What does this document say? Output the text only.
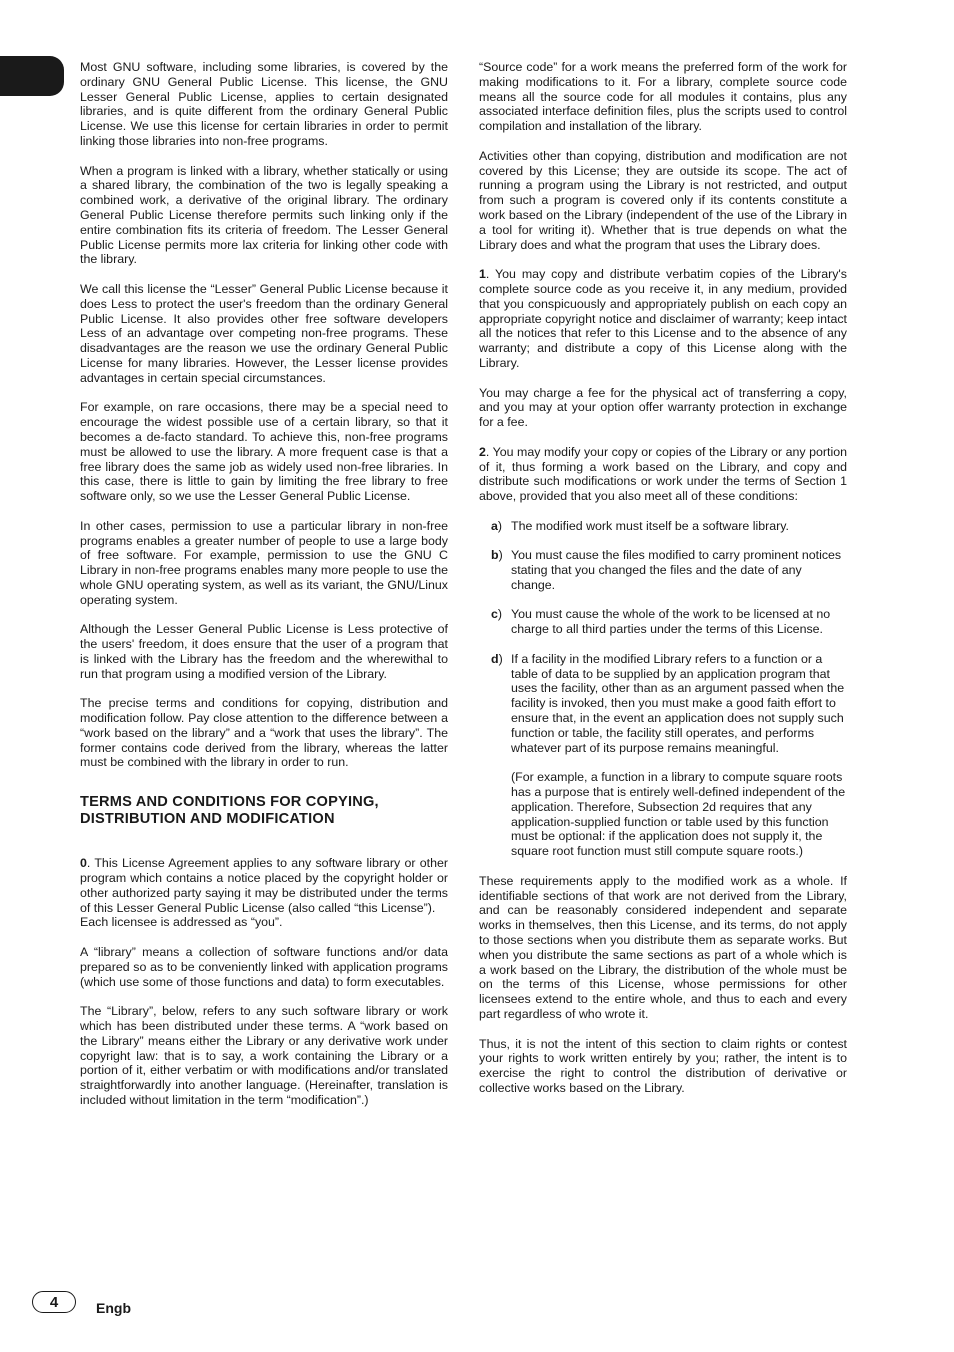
Most GNU software, including some libraries, is covered by the ordinary GNU General Public License. This license, the GNU Lesser General Public License, applies to certain designated libraries, and is quite different from the ordinary General Public License. We use this license for certain libraries in order to permit linking those libraries into non-free programs.

When a program is linked with a library, whether statically or using a shared library, the combination of the two is legally speaking a combined work, a derivative of the original library. The ordinary General Public License therefore permits such linking only if the entire combination fits its criteria of freedom. The Lesser General Public License permits more lax criteria for linking other code with the library.

We call this license the “Lesser” General Public License because it does Less to protect the user's freedom than the ordinary General Public License. It also provides other free software developers Less of an advantage over competing non-free programs. These disadvantages are the reason we use the ordinary General Public License for many libraries. However, the Lesser license provides advantages in certain special circumstances.

For example, on rare occasions, there may be a special need to encourage the widest possible use of a certain library, so that it becomes a de-facto standard. To achieve this, non-free programs must be allowed to use the library. A more frequent case is that a free library does the same job as widely used non-free libraries. In this case, there is little to gain by limiting the free library to free software only, so we use the Lesser General Public License.

In other cases, permission to use a particular library in non-free programs enables a greater number of people to use a large body of free software. For example, permission to use the GNU C Library in non-free programs enables many more people to use the whole GNU operating system, as well as its variant, the GNU/Linux operating system.

Although the Lesser General Public License is Less protective of the users' freedom, it does ensure that the user of a program that is linked with the Library has the freedom and the wherewithal to run that program using a modified version of the Library.

The precise terms and conditions for copying, distribution and modification follow. Pay close attention to the difference between a “work based on the library” and a “work that uses the library”. The former contains code derived from the library, whereas the latter must be combined with the library in order to run.

TERMS AND CONDITIONS FOR COPYING,
DISTRIBUTION AND MODIFICATION

0. This License Agreement applies to any software library or other program which contains a notice placed by the copyright holder or other authorized party saying it may be distributed under the terms of this Lesser General Public License (also called “this License”).

Each licensee is addressed as “you”.

A “library” means a collection of software functions and/or data prepared so as to be conveniently linked with application programs (which use some of those functions and data) to form executables.

The “Library”, below, refers to any such software library or work which has been distributed under these terms. A “work based on the Library” means either the Library or any derivative work under copyright law: that is to say, a work containing the Library or a portion of it, either verbatim or with modifications and/or translated straightforwardly into another language. (Hereinafter, translation is included without limitation in the term “modification”.)

“Source code” for a work means the preferred form of the work for making modifications to it. For a library, complete source code means all the source code for all modules it contains, plus any associated interface definition files, plus the scripts used to control compilation and installation of the library.

Activities other than copying, distribution and modification are not covered by this License; they are outside its scope. The act of running a program using the Library is not restricted, and output from such a program is covered only if its contents constitute a work based on the Library (independent of the use of the Library in a tool for writing it). Whether that is true depends on what the Library does and what the program that uses the Library does.

1. You may copy and distribute verbatim copies of the Library's complete source code as you receive it, in any medium, provided that you conspicuously and appropriately publish on each copy an appropriate copyright notice and disclaimer of warranty; keep intact all the notices that refer to this License and to the absence of any warranty; and distribute a copy of this License along with the Library.

You may charge a fee for the physical act of transferring a copy, and you may at your option offer warranty protection in exchange for a fee.

2. You may modify your copy or copies of the Library or any portion of it, thus forming a work based on the Library, and copy and distribute such modifications or work under the terms of Section 1 above, provided that you also meet all of these conditions:

a) The modified work must itself be a software library.
b) You must cause the files modified to carry prominent notices stating that you changed the files and the date of any change.
c) You must cause the whole of the work to be licensed at no charge to all third parties under the terms of this License.
d) If a facility in the modified Library refers to a function or a table of data to be supplied by an application program that uses the facility, other than as an argument passed when the facility is invoked, then you must make a good faith effort to ensure that, in the event an application does not supply such function or table, the facility still operates, and performs whatever part of its purpose remains meaningful.
(For example, a function in a library to compute square roots has a purpose that is entirely well-defined independent of the application. Therefore, Subsection 2d requires that any application-supplied function or table used by this function must be optional: if the application does not supply it, the square root function must still compute square roots.)

These requirements apply to the modified work as a whole. If identifiable sections of that work are not derived from the Library, and can be reasonably considered independent and separate works in themselves, then this License, and its terms, do not apply to those sections when you distribute them as separate works. But when you distribute the same sections as part of a whole which is a work based on the Library, the distribution of the whole must be on the terms of this License, whose permissions for other licensees extend to the entire whole, and thus to each and every part regardless of who wrote it.

Thus, it is not the intent of this section to claim rights or contest your rights to work written entirely by you; rather, the intent is to exercise the right to control the distribution of derivative or collective works based on the Library.

4	Engb
